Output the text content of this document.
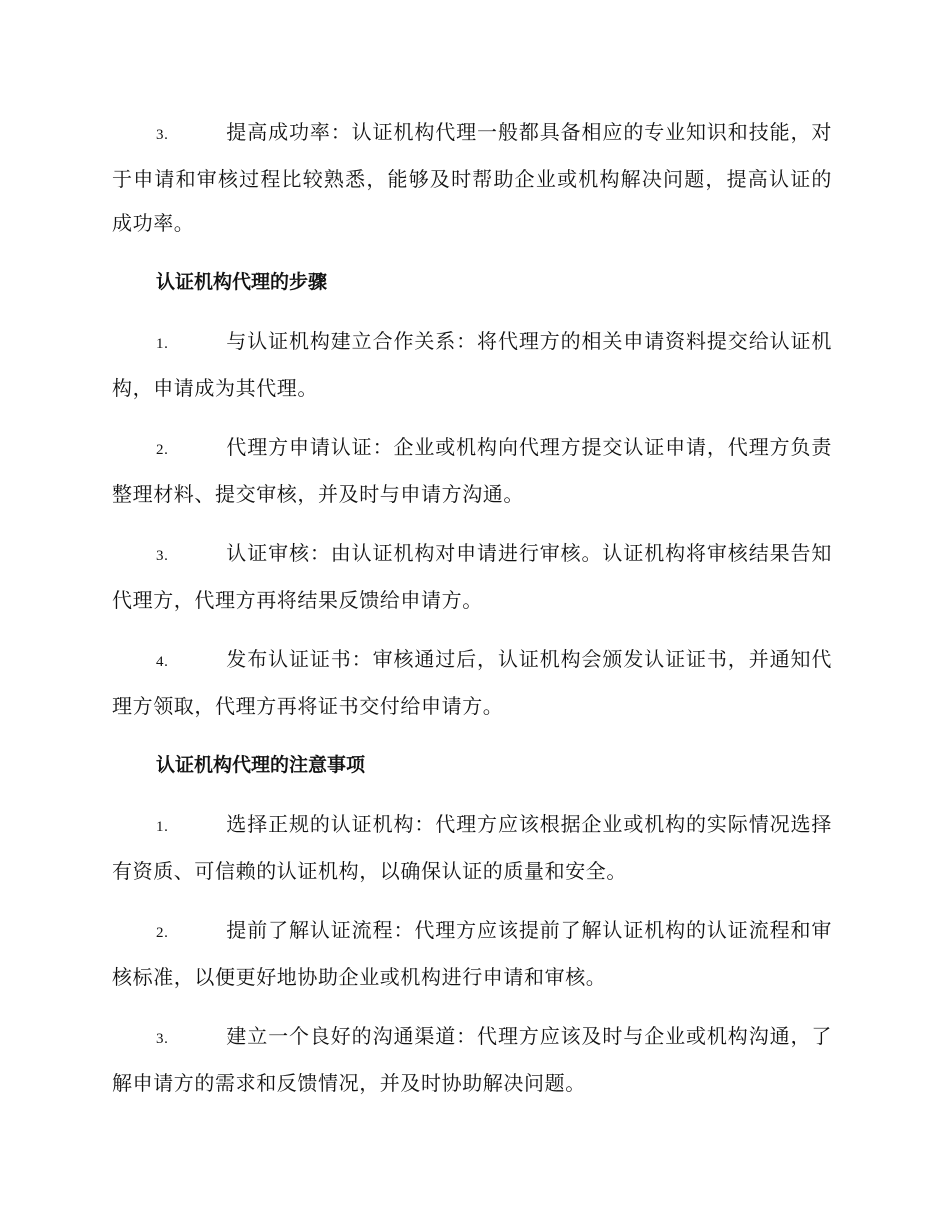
3.	提高成功率：认证机构代理一般都具备相应的专业知识和技能，对于申请和审核过程比较熟悉，能够及时帮助企业或机构解决问题，提高认证的成功率。

认证机构代理的步骤

1.	与认证机构建立合作关系：将代理方的相关申请资料提交给认证机构，申请成为其代理。

2.	代理方申请认证：企业或机构向代理方提交认证申请，代理方负责整理材料、提交审核，并及时与申请方沟通。

3.	认证审核：由认证机构对申请进行审核。认证机构将审核结果告知代理方，代理方再将结果反馈给申请方。

4.	发布认证证书：审核通过后，认证机构会颁发认证证书，并通知代理方领取，代理方再将证书交付给申请方。

认证机构代理的注意事项

1.	选择正规的认证机构：代理方应该根据企业或机构的实际情况选择有资质、可信赖的认证机构，以确保认证的质量和安全。

2.	提前了解认证流程：代理方应该提前了解认证机构的认证流程和审核标准，以便更好地协助企业或机构进行申请和审核。

3.	建立一个良好的沟通渠道：代理方应该及时与企业或机构沟通，了解申请方的需求和反馈情况，并及时协助解决问题。
